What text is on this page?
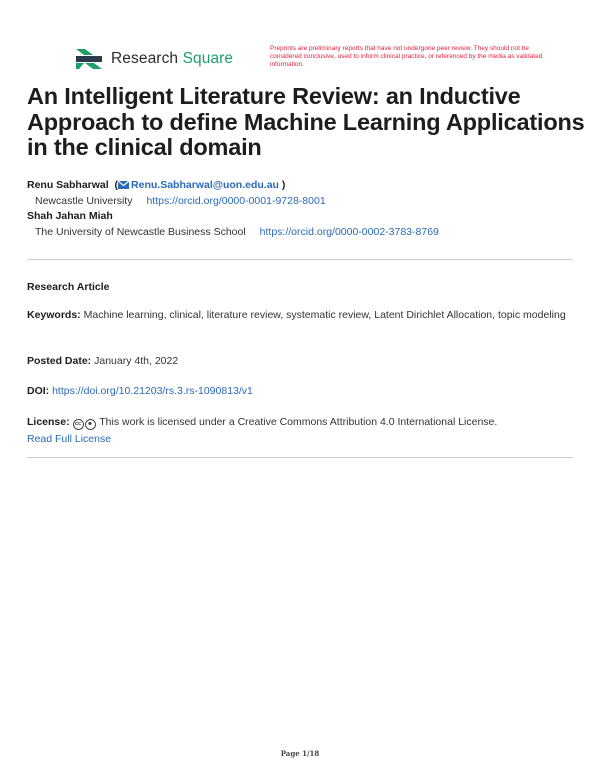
Research Square
Preprints are preliminary reports that have not undergone peer review. They should not be considered conclusive, used to inform clinical practice, or referenced by the media as validated information.
An Intelligent Literature Review: an Inductive Approach to define Machine Learning Applications in the clinical domain
Renu Sabharwal  ( Renu.Sabharwal@uon.edu.au )
Newcastle University https://orcid.org/0000-0001-9728-8001
Shah Jahan Miah
The University of Newcastle Business School https://orcid.org/0000-0002-3783-8769
Research Article
Keywords: Machine learning, clinical, literature review, systematic review, Latent Dirichlet Allocation, topic modeling
Posted Date: January 4th, 2022
DOI: https://doi.org/10.21203/rs.3.rs-1090813/v1
License: cc ☻ This work is licensed under a Creative Commons Attribution 4.0 International License.
Read Full License
Page 1/18
